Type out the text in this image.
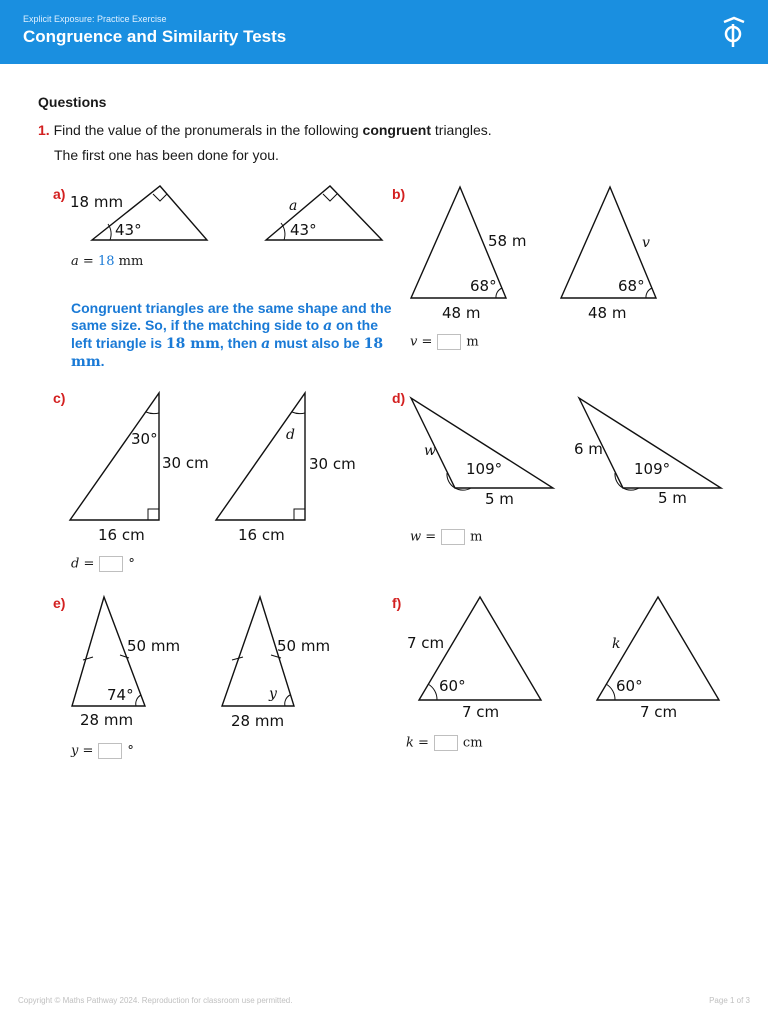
Explicit Exposure: Practice Exercise
Congruence and Similarity Tests
Questions
1. Find the value of the pronumerals in the following congruent triangles.
The first one has been done for you.
a)	b)
c)	d)
e)	f)
18 mm
43°
a
43°
58 m
68°
48 m
v
68°
48 m
30°
30 cm
16 cm
d
30 cm
16 cm
w
109°
5 m
6 m
109°
5 m
50 mm
74°
28 mm
50 mm
y
28 mm
7 cm
60°
7 cm
k
60°
7 cm
a = 18 mm
Congruent triangles are the same shape and the same size. So, if the matching side to a on the left triangle is 18 mm, then a must also be 18 mm.
v =	m
d =	°
w =	m
y =	°
k =	cm
Copyright © Maths Pathway 2024. Reproduction for classroom use permitted.	Page 1 of 3
